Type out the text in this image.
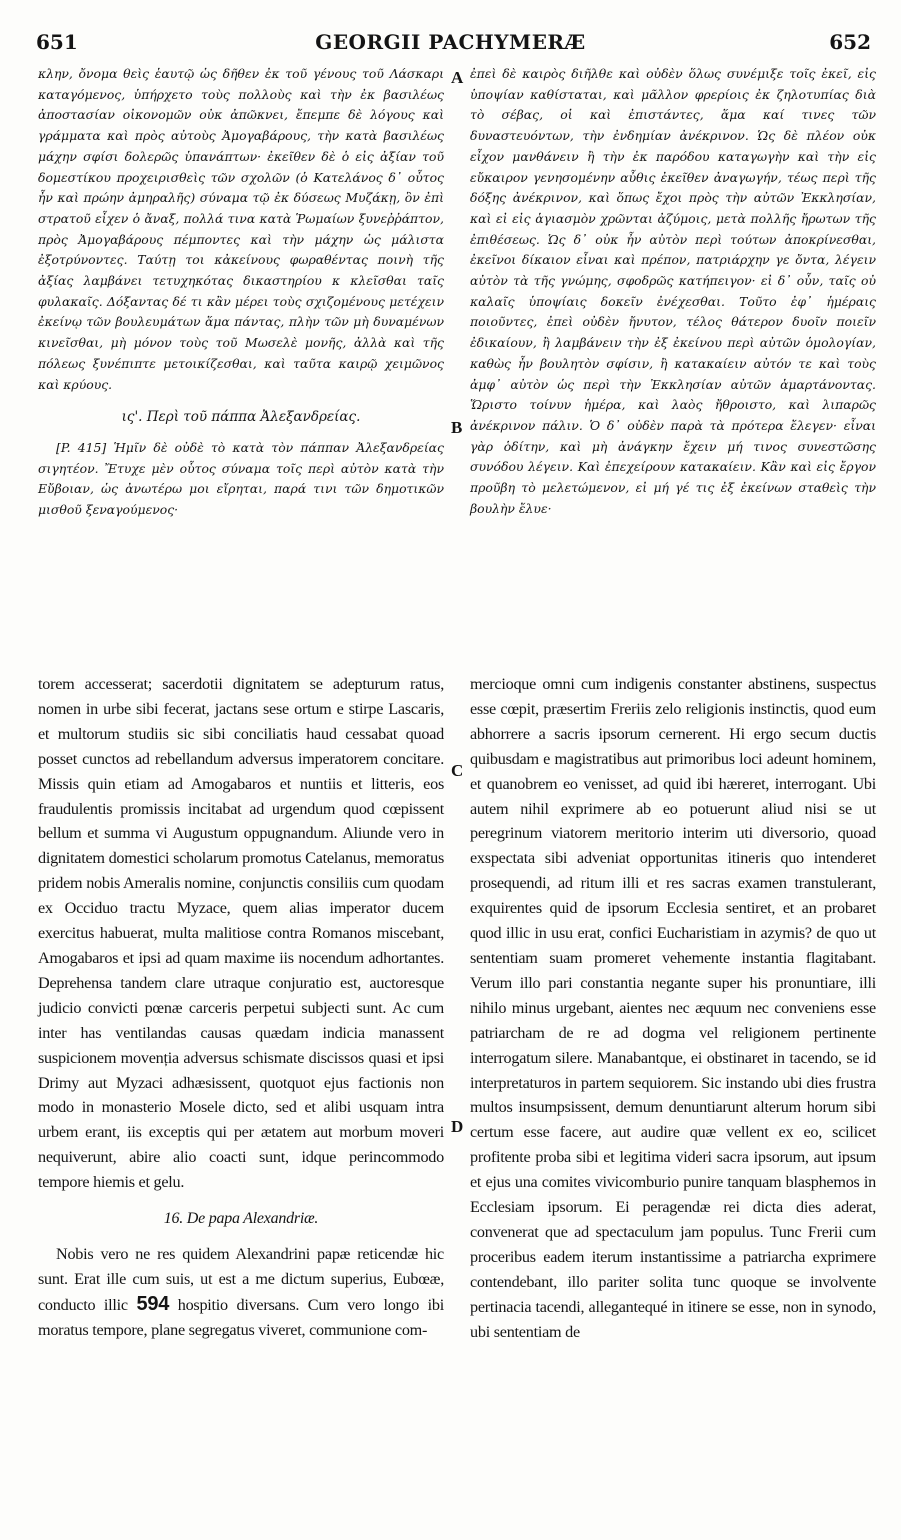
651	GEORGII PACHYMERÆ	652
A
B
C
D

κλην, ὄνομα θεὶς ἑαυτῷ ὡς δῆθεν ἐκ τοῦ γένους τοῦ Λάσκαρι καταγόμενος, ὑπήρχετο τοὺς πολλοὺς καὶ τὴν ἐκ βασιλέως ἀποστασίαν οἰκονομῶν οὐκ ἀπῶκνει, ἔπεμπε δὲ λόγους καὶ γράμματα καὶ πρὸς αὐτοὺς Ἀμογαβάρους, τὴν κατὰ βασιλέως μάχην σφίσι δολερῶς ὑπανάπτων· ἐκεῖθεν δὲ ὁ εἰς ἀξίαν τοῦ δομεστίκου προχειρισθεὶς τῶν σχολῶν (ὁ Κατελάνος δ᾽ οὗτος ἦν καὶ πρώην ἀμηραλῆς) σύναμα τῷ ἐκ δύσεως Μυζάκῃ, ὃν ἐπὶ στρατοῦ εἶχεν ὁ ἄναξ, πολλά τινα κατὰ Ῥωμαίων ξυνεῤῥάπτον, πρὸς Ἀμογαβάρους πέμποντες καὶ τὴν μάχην ὡς μάλιστα ἐξοτρύνοντες. Ταύτῃ τοι κἀκείνους φωραθέντας ποινὴ τῆς ἀξίας λαμβάνει τετυχηκότας δικαστηρίου κ κλεῖσθαι ταῖς φυλακαῖς. Δόξαντας δέ τι κἂν μέρει τοὺς σχιζομένους μετέχειν ἐκείνῳ τῶν βουλευμάτων ἅμα πάντας, πλὴν τῶν μὴ δυναμένων κινεῖσθαι, μὴ μόνον τοὺς τοῦ Μωσελὲ μονῆς, ἀλλὰ καὶ τῆς πόλεως ξυνέπιπτε μετοικίζεσθαι, καὶ ταῦτα καιρῷ χειμῶνος καὶ κρύους.

ις'. Περὶ τοῦ πάππα Ἀλεξανδρείας.

[P. 415] Ἡμῖν δὲ οὐδὲ τὸ κατὰ τὸν πάππαν Ἀλεξανδρείας σιγητέον. Ἔτυχε μὲν οὗτος σύναμα τοῖς περὶ αὐτὸν κατὰ τὴν Εὔβοιαν, ὡς ἀνωτέρω μοι εἴρηται, παρά τινι τῶν δημοτικῶν μισθοῦ ξεναγούμενος·

ἐπεὶ δὲ καιρὸς διῆλθε καὶ οὐδὲν ὅλως συνέμιξε τοῖς ἐκεῖ, εἰς ὑποψίαν καθίσταται, καὶ μᾶλλον φρερίοις ἐκ ζηλοτυπίας διὰ τὸ σέβας, οἱ καὶ ἐπιστάντες, ἅμα καί τινες τῶν δυναστευόντων, τὴν ἐνδημίαν ἀνέκρινον. Ὡς δὲ πλέον οὐκ εἶχον μανθάνειν ἢ τὴν ἐκ παρόδου καταγωγὴν καὶ τὴν εἰς εὔκαιρον γενησομένην αὖθις ἐκεῖθεν ἀναγωγήν, τέως περὶ τῆς δόξης ἀνέκρινον, καὶ ὅπως ἔχοι πρὸς τὴν αὐτῶν Ἐκκλησίαν, καὶ εἰ εἰς ἁγιασμὸν χρῶνται ἀζύμοις, μετὰ πολλῆς ἤρωτων τῆς ἐπιθέσεως. Ὡς δ᾽ οὐκ ἦν αὐτὸν περὶ τούτων ἀποκρίνεσθαι, ἐκεῖνοι δίκαιον εἶναι καὶ πρέπον, πατριάρχην γε ὄντα, λέγειν αὐτὸν τὰ τῆς γνώμης, σφοδρῶς κατήπειγον· εἰ δ᾽ οὖν, ταῖς οὐ καλαῖς ὑποψίαις δοκεῖν ἐνέχεσθαι. Τοῦτο ἐφ᾽ ἡμέραις ποιοῦντες, ἐπεὶ οὐδὲν ἤνυτον, τέλος θάτερον δυοῖν ποιεῖν ἐδικαίουν, ἢ λαμβάνειν τὴν ἐξ ἐκείνου περὶ αὐτῶν ὁμολογίαν, καθὼς ἦν βουλητὸν σφίσιν, ἢ κατακαίειν αὐτόν τε καὶ τοὺς ἀμφ᾽ αὐτὸν ὡς περὶ τὴν Ἐκκλησίαν αὐτῶν ἁμαρτάνοντας. Ὥριστο τοίνυν ἡμέρα, καὶ λαὸς ἤθροιστο, καὶ λιπαρῶς ἀνέκρινον πάλιν. Ὁ δ᾽ οὐδὲν παρὰ τὰ πρότερα ἔλεγεν· εἶναι γὰρ ὁδίτην, καὶ μὴ ἀνάγκην ἔχειν μή τινος συνεστῶσης συνόδου λέγειν. Καὶ ἐπεχείρουν κατακαίειν. Κἂν καὶ εἰς ἔργον προῦβη τὸ μελετώμενον, εἰ μή γέ τις ἐξ ἐκείνων σταθεὶς τὴν βουλὴν ἔλυε·

torem accesserat; sacerdotii dignitatem se adepturum ratus, nomen in urbe sibi fecerat, jactans sese ortum e stirpe Lascaris, et multorum studiis sic sibi conciliatis haud cessabat quoad posset cunctos ad rebellandum adversus imperatorem concitare. Missis quin etiam ad Amogabaros et nuntiis et litteris, eos fraudulentis promissis incitabat ad urgendum quod cœpissent bellum et summa vi Augustum oppugnandum. Aliunde vero in dignitatem domestici scholarum promotus Catelanus, memoratus pridem nobis Ameralis nomine, conjunctis consiliis cum quodam ex Occiduo tractu Myzace, quem alias imperator ducem exercitus habuerat, multa malitiose contra Romanos miscebant, Amogabaros et ipsi ad quam maxime iis nocendum adhortantes. Deprehensa tandem clare utraque conjuratio est, auctoresque judicio convicti pœnæ carceris perpetui subjecti sunt. Ac cum inter has ventilandas causas quædam indicia manassent suspicionem movenția adversus schismate discissos quasi et ipsi Drimy aut Myzaci adhæsissent, quotquot ejus factionis non modo in monasterio Mosele dicto, sed et alibi usquam intra urbem erant, iis exceptis qui per ætatem aut morbum moveri nequiverunt, abire alio coacti sunt, idque perincommodo tempore hiemis et gelu.

16. De papa Alexandriæ.

Nobis vero ne res quidem Alexandrini papæ reticendæ hic sunt. Erat ille cum suis, ut est a me dictum superius, Eubœæ, conducto illic 594 hospitio diversans. Cum vero longo ibi moratus tempore, plane segregatus viveret, communione com-

mercioque omni cum indigenis constanter abstinens, suspectus esse cœpit, præsertim Freriis zelo religionis instinctis, quod eum abhorrere a sacris ipsorum cernerent. Hi ergo secum ductis quibusdam e magistratibus aut primoribus loci adeunt hominem, et quanobrem eo venisset, ad quid ibi hæreret, interrogant. Ubi autem nihil exprimere ab eo potuerunt aliud nisi se ut peregrinum viatorem meritorio interim uti diversorio, quoad exspectata sibi adveniat opportunitas itineris quo intenderet prosequendi, ad ritum illi et res sacras examen transtulerant, exquirentes quid de ipsorum Ecclesia sentiret, et an probaret quod illic in usu erat, confici Eucharistiam in azymis? de quo ut sententiam suam promeret vehemente instantia flagitabant. Verum illo pari constantia negante super his pronuntiare, illi nihilo minus urgebant, aientes nec æquum nec conveniens esse patriarcham de re ad dogma vel religionem pertinente interrogatum silere. Manabantque, ei obstinaret in tacendo, se id interpretaturos in partem sequiorem. Sic instando ubi dies frustra multos insumpsissent, demum denuntiarunt alterum horum sibi certum esse facere, aut audire quæ vellent ex eo, scilicet profitente proba sibi et legitima videri sacra ipsorum, aut ipsum et ejus una comites vivicomburio punire tanquam blasphemos in Ecclesiam ipsorum. Ei peragendæ rei dicta dies aderat, convenerat que ad spectaculum jam populus. Tunc Frerii cum proceribus eadem iterum instantissime a patriarcha exprimere contendebant, illo pariter solita tunc quoque se involvente pertinacia tacendi, allegantequé in itinere se esse, non in synodo, ubi sententiam de
